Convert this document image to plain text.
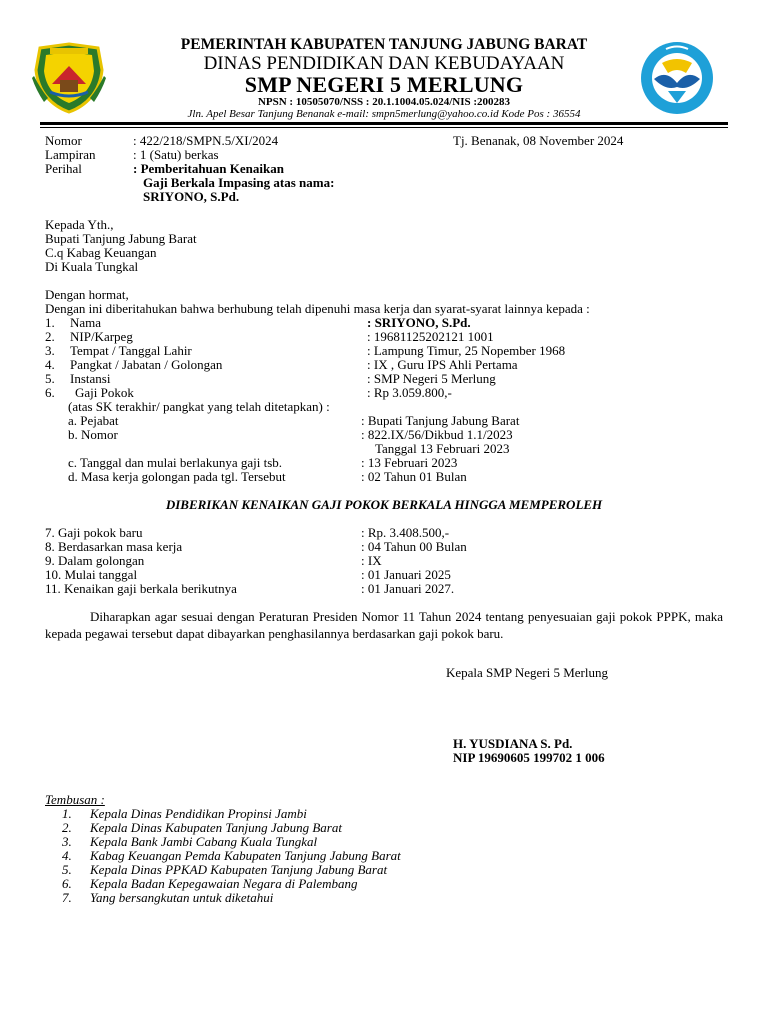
PEMERINTAH KABUPATEN TANJUNG JABUNG BARAT
DINAS PENDIDIKAN DAN KEBUDAYAAN
SMP NEGERI 5 MERLUNG
NPSN : 10505070/NSS : 20.1.1004.05.024/NIS :200283
Jln. Apel Besar Tanjung Benanak e-mail: smpn5merlung@yahoo.co.id Kode Pos : 36554
Nomor	: 422/218/SMPN.5/XI/2024	Tj. Benanak, 08 November 2024
Lampiran	: 1 (Satu) berkas
Perihal	: Pemberitahuan Kenaikan
Gaji Berkala Impasing atas nama:
SRIYONO, S.Pd.
Kepada Yth.,
Bupati Tanjung Jabung Barat
C.q Kabag Keuangan
Di Kuala Tungkal
Dengan hormat,
Dengan ini diberitahukan bahwa berhubung telah dipenuhi masa kerja dan syarat-syarat lainnya kepada :
1. Nama	: SRIYONO, S.Pd.
2. NIP/Karpeg	: 19681125202121 1001
3. Tempat / Tanggal Lahir	: Lampung Timur, 25 Nopember 1968
4. Pangkat / Jabatan / Golongan	: IX , Guru IPS Ahli Pertama
5. Instansi	: SMP Negeri 5 Merlung
6. Gaji Pokok	: Rp 3.059.800,-
(atas SK terakhir/ pangkat yang telah ditetapkan) :
a. Pejabat	: Bupati Tanjung Jabung Barat
b. Nomor	: 822.IX/56/Dikbud 1.1/2023
Tanggal 13 Februari 2023
c. Tanggal dan mulai berlakunya gaji tsb.	: 13 Februari 2023
d. Masa kerja golongan pada tgl. Tersebut	: 02 Tahun 01 Bulan
DIBERIKAN KENAIKAN GAJI POKOK BERKALA HINGGA MEMPEROLEH
7. Gaji pokok baru	: Rp. 3.408.500,-
8. Berdasarkan masa kerja	: 04 Tahun 00 Bulan
9. Dalam golongan	: IX
10. Mulai tanggal	: 01 Januari 2025
11. Kenaikan gaji berkala berikutnya	: 01 Januari 2027.
Diharapkan agar sesuai dengan Peraturan Presiden Nomor 11 Tahun 2024 tentang penyesuaian gaji pokok PPPK, maka kepada pegawai tersebut dapat dibayarkan penghasilannya berdasarkan gaji pokok baru.
Kepala SMP Negeri 5 Merlung
H. YUSDIANA S. Pd.
NIP 19690605 199702 1 006
Tembusan :
1. Kepala Dinas Pendidikan Propinsi Jambi
2. Kepala Dinas Kabupaten Tanjung Jabung Barat
3. Kepala Bank Jambi Cabang Kuala Tungkal
4. Kabag Keuangan Pemda Kabupaten Tanjung Jabung Barat
5. Kepala Dinas PPKAD Kabupaten Tanjung Jabung Barat
6. Kepala Badan Kepegawaian Negara di Palembang
7. Yang bersangkutan untuk diketahui
